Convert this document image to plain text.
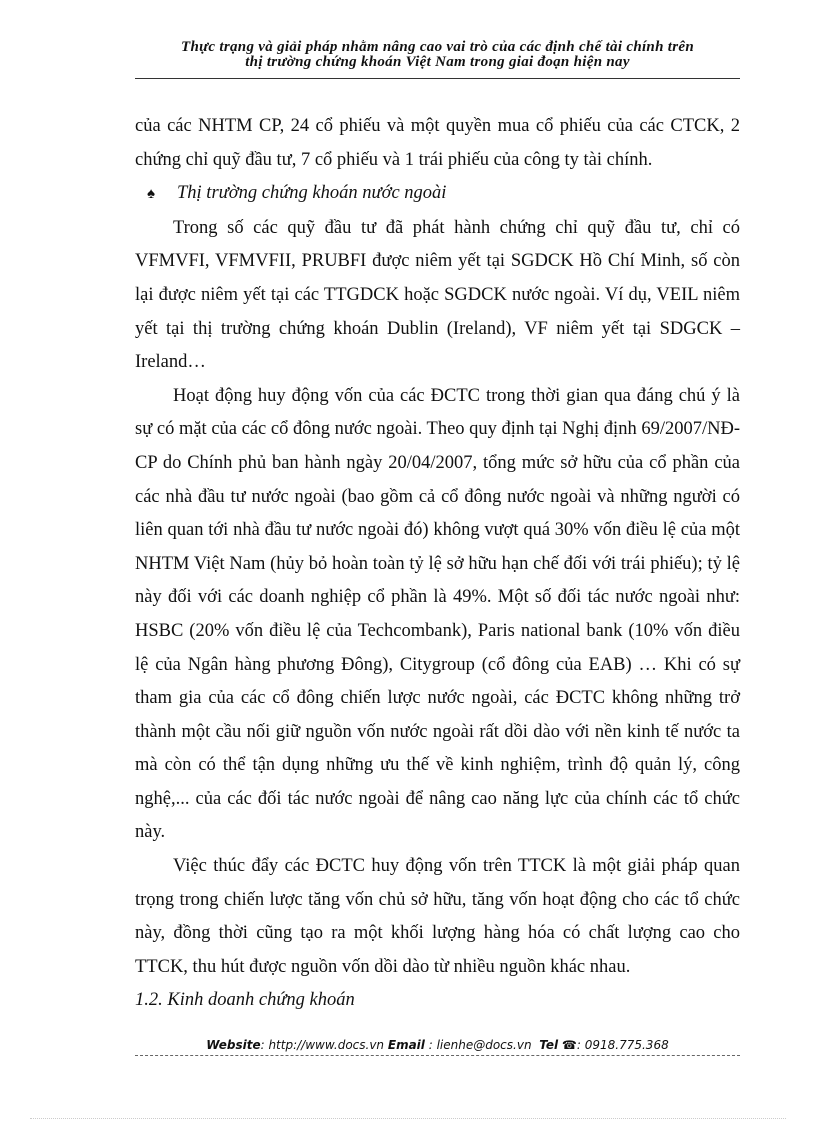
Thực trạng và giải pháp nhằm nâng cao vai trò của các định chế tài chính trên
thị trường chứng khoán Việt Nam trong giai đoạn hiện nay

của các NHTM CP, 24 cổ phiếu và một quyền mua cổ phiếu của các CTCK, 2 chứng chỉ quỹ đầu tư, 7 cổ phiếu và 1 trái phiếu của công ty tài chính.

♠ Thị trường chứng khoán nước ngoài

Trong số các quỹ đầu tư đã phát hành chứng chỉ quỹ đầu tư, chỉ có VFMVFI, VFMVFII, PRUBFI được niêm yết tại SGDCK Hồ Chí Minh, số còn lại được niêm yết tại các TTGDCK hoặc SGDCK nước ngoài. Ví dụ, VEIL niêm yết tại thị trường chứng khoán Dublin (Ireland), VF niêm yết tại SDGCK –Ireland…

Hoạt động huy động vốn của các ĐCTC trong thời gian qua đáng chú ý là sự có mặt của các cổ đông nước ngoài. Theo quy định tại Nghị định 69/2007/NĐ-CP do Chính phủ ban hành ngày 20/04/2007, tổng mức sở hữu của cổ phần của các nhà đầu tư nước ngoài (bao gồm cả cổ đông nước ngoài và những người có liên quan tới nhà đầu tư nước ngoài đó) không vượt quá 30% vốn điều lệ của một NHTM Việt Nam (hủy bỏ hoàn toàn tỷ lệ sở hữu hạn chế đối với trái phiếu); tỷ lệ này đối với các doanh nghiệp cổ phần là 49%. Một số đối tác nước ngoài như: HSBC (20% vốn điều lệ của Techcombank), Paris national bank (10% vốn điều lệ của Ngân hàng phương Đông), Citygroup (cổ đông của EAB) … Khi có sự tham gia của các cổ đông chiến lược nước ngoài, các ĐCTC không những trở thành một cầu nối giữ nguồn vốn nước ngoài rất dồi dào với nền kinh tế nước ta mà còn có thể tận dụng những ưu thế về kinh nghiệm, trình độ quản lý, công nghệ,... của các đối tác nước ngoài để nâng cao năng lực của chính các tổ chức này.

Việc thúc đẩy các ĐCTC huy động vốn trên TTCK là một giải pháp quan trọng trong chiến lược tăng vốn chủ sở hữu, tăng vốn hoạt động cho các tổ chức này, đồng thời cũng tạo ra một khối lượng hàng hóa có chất lượng cao cho TTCK, thu hút được nguồn vốn dồi dào từ nhiều nguồn khác nhau.

1.2. Kinh doanh chứng khoán

Website: http://www.docs.vn Email : lienhe@docs.vn Tel ☎: 0918.775.368
